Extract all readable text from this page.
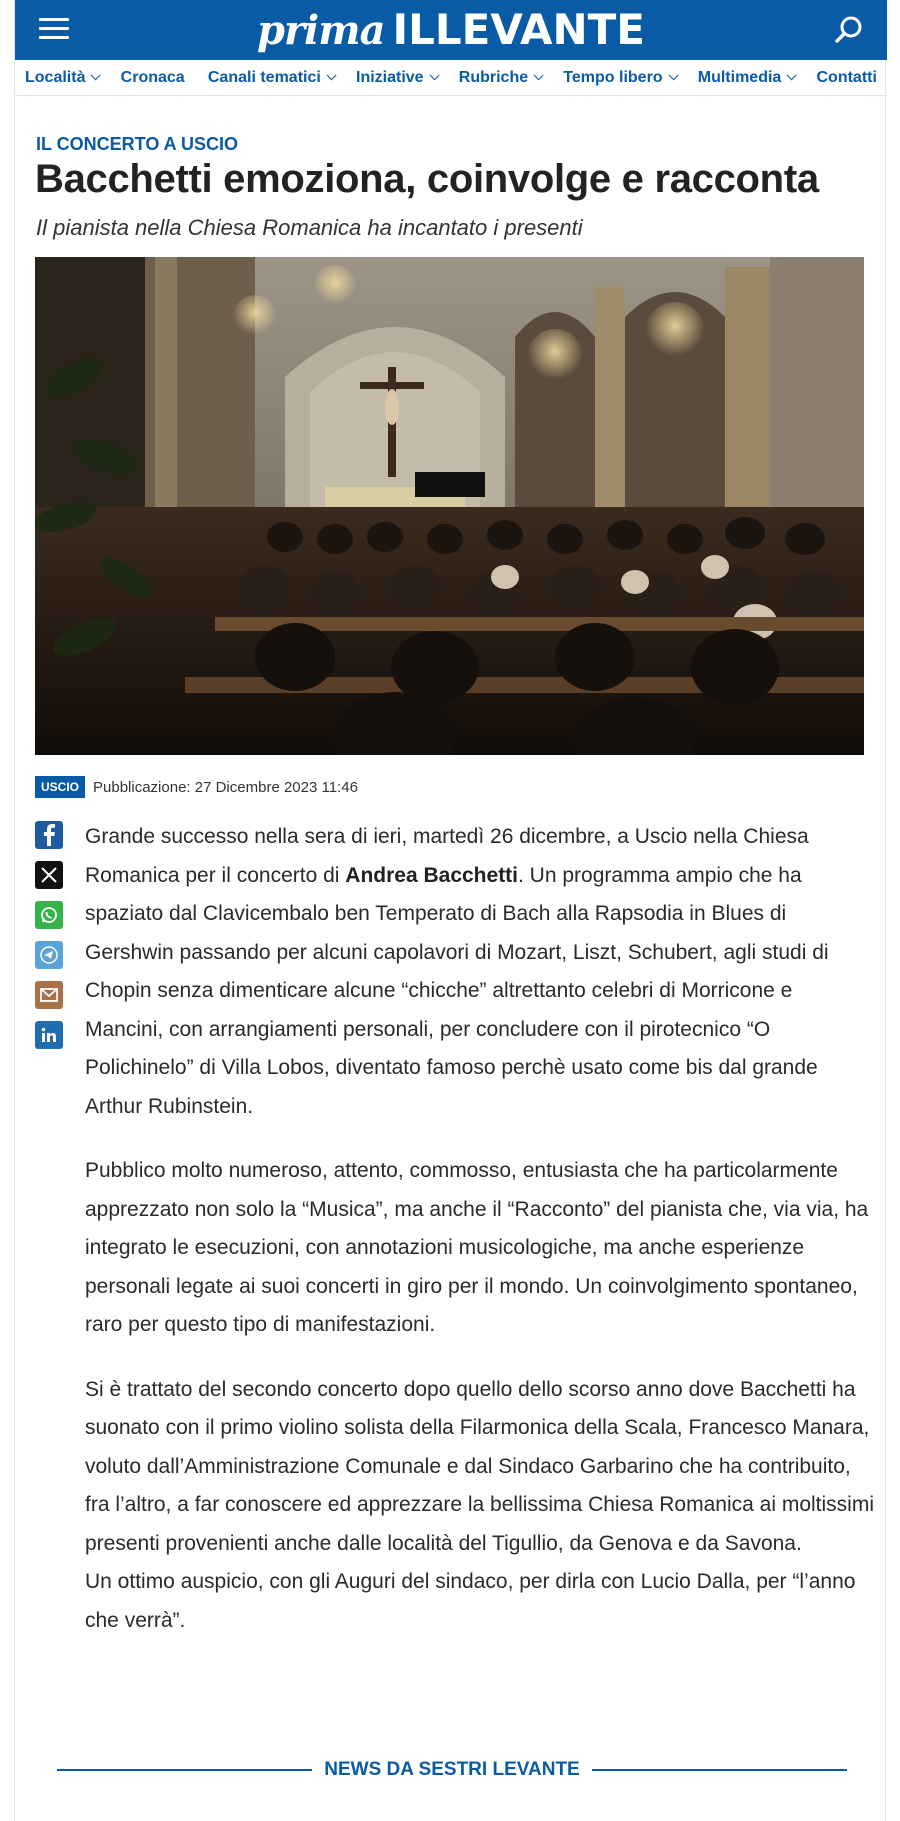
prima ILLEVANTE
Località Cronaca Canali tematici Iniziative Rubriche Tempo libero Multimedia Contatti
IL CONCERTO A USCIO
Bacchetti emoziona, coinvolge e racconta
Il pianista nella Chiesa Romanica ha incantato i presenti
USCIO Pubblicazione: 27 Dicembre 2023 11:46

Grande successo nella sera di ieri, martedì 26 dicembre, a Uscio nella Chiesa Romanica per il concerto di Andrea Bacchetti. Un programma ampio che ha spaziato dal Clavicembalo ben Temperato di Bach alla Rapsodia in Blues di Gershwin passando per alcuni capolavori di Mozart, Liszt, Schubert, agli studi di Chopin senza dimenticare alcune “chicche” altrettanto celebri di Morricone e Mancini, con arrangiamenti personali, per concludere con il pirotecnico “O Polichinelo” di Villa Lobos, diventato famoso perchè usato come bis dal grande Arthur Rubinstein.

Pubblico molto numeroso, attento, commosso, entusiasta che ha particolarmente apprezzato non solo la “Musica”, ma anche il “Racconto” del pianista che, via via, ha integrato le esecuzioni, con annotazioni musicologiche, ma anche esperienze personali legate ai suoi concerti in giro per il mondo. Un coinvolgimento spontaneo, raro per questo tipo di manifestazioni.

Si è trattato del secondo concerto dopo quello dello scorso anno dove Bacchetti ha suonato con il primo violino solista della Filarmonica della Scala, Francesco Manara, voluto dall’Amministrazione Comunale e dal Sindaco Garbarino che ha contribuito, fra l’altro, a far conoscere ed apprezzare la bellissima Chiesa Romanica ai moltissimi presenti provenienti anche dalle località del Tigullio, da Genova e da Savona.
Un ottimo auspicio, con gli Auguri del sindaco, per dirla con Lucio Dalla, per “l’anno che verrà”.

NEWS DA SESTRI LEVANTE
